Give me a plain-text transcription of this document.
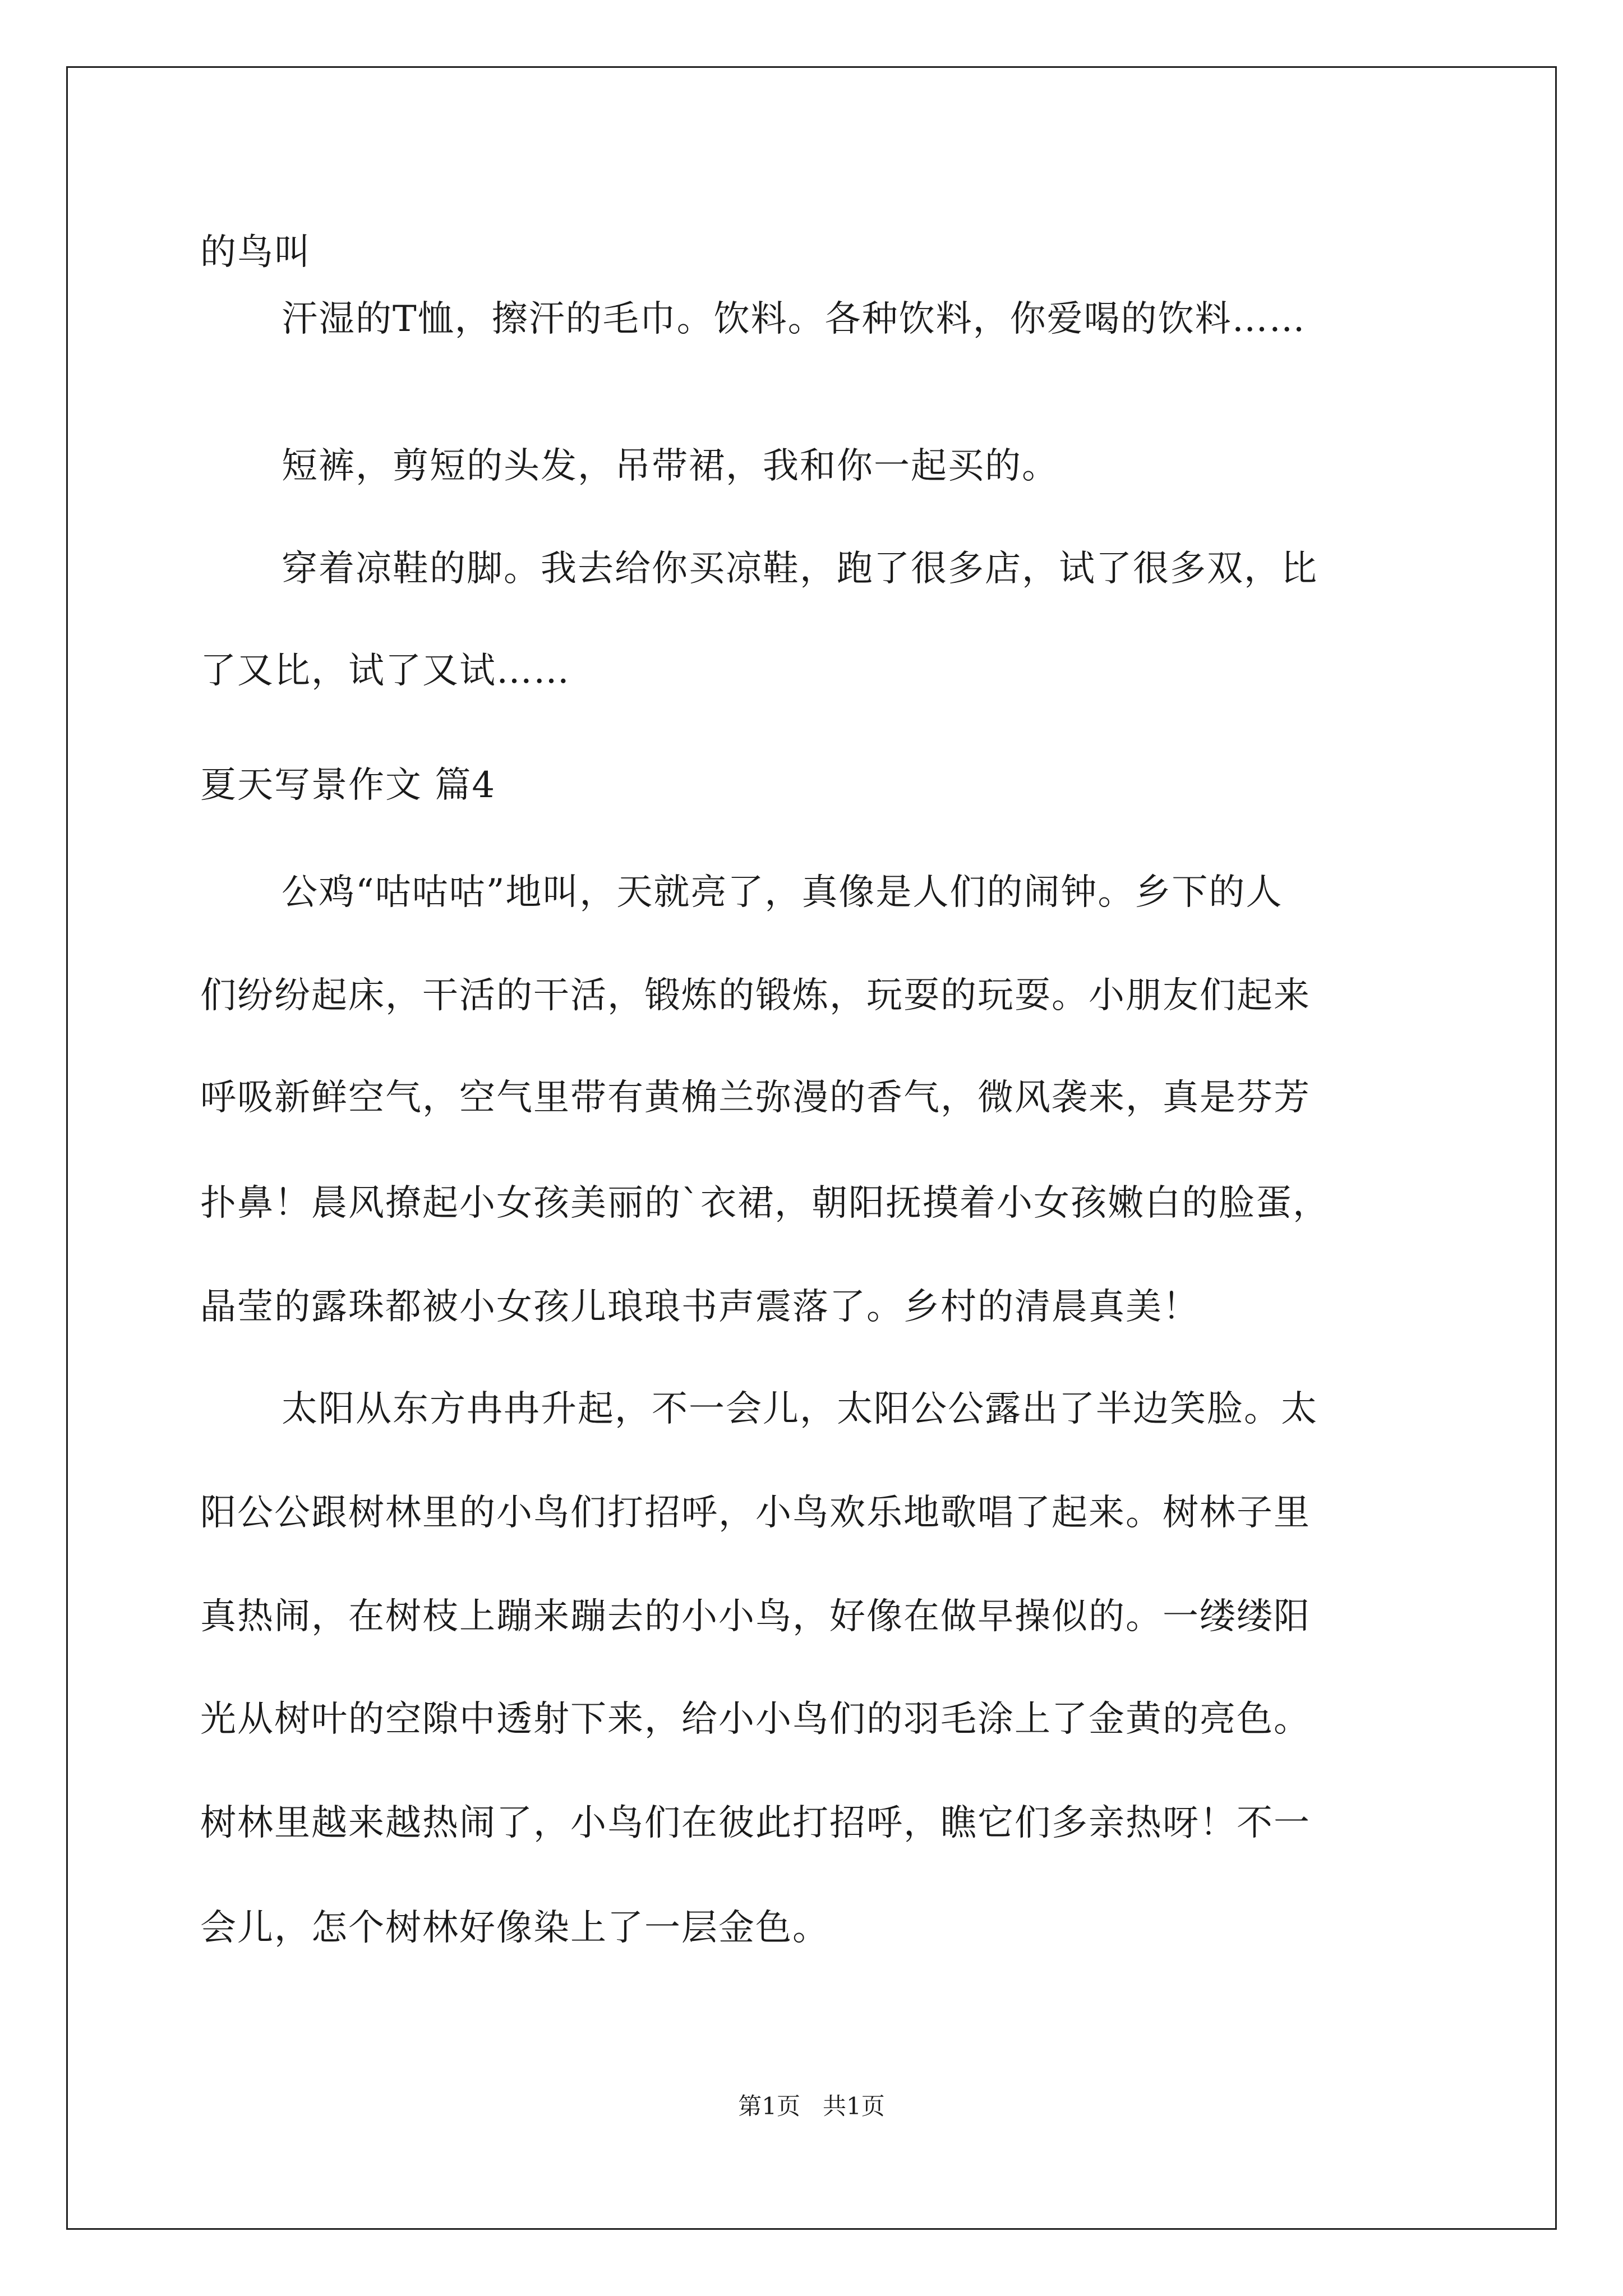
的鸟叫
汗湿的T恤，擦汗的毛巾。饮料。各种饮料，你爱喝的饮料……
短裤，剪短的头发，吊带裙，我和你一起买的。
穿着凉鞋的脚。我去给你买凉鞋，跑了很多店，试了很多双，比
了又比，试了又试……
夏天写景作文 篇4
公鸡“咕咕咕”地叫，天就亮了，真像是人们的闹钟。乡下的人
们纷纷起床，干活的干活，锻炼的锻炼，玩耍的玩耍。小朋友们起来
呼吸新鲜空气，空气里带有黄桷兰弥漫的香气，微风袭来，真是芬芳
扑鼻！晨风撩起小女孩美丽的`衣裙，朝阳抚摸着小女孩嫩白的脸蛋，
晶莹的露珠都被小女孩儿琅琅书声震落了。乡村的清晨真美！
太阳从东方冉冉升起，不一会儿，太阳公公露出了半边笑脸。太
阳公公跟树林里的小鸟们打招呼，小鸟欢乐地歌唱了起来。树林子里
真热闹，在树枝上蹦来蹦去的小小鸟，好像在做早操似的。一缕缕阳
光从树叶的空隙中透射下来，给小小鸟们的羽毛涂上了金黄的亮色。
树林里越来越热闹了，小鸟们在彼此打招呼，瞧它们多亲热呀！不一
会儿，怎个树林好像染上了一层金色。
第1页   共1页
